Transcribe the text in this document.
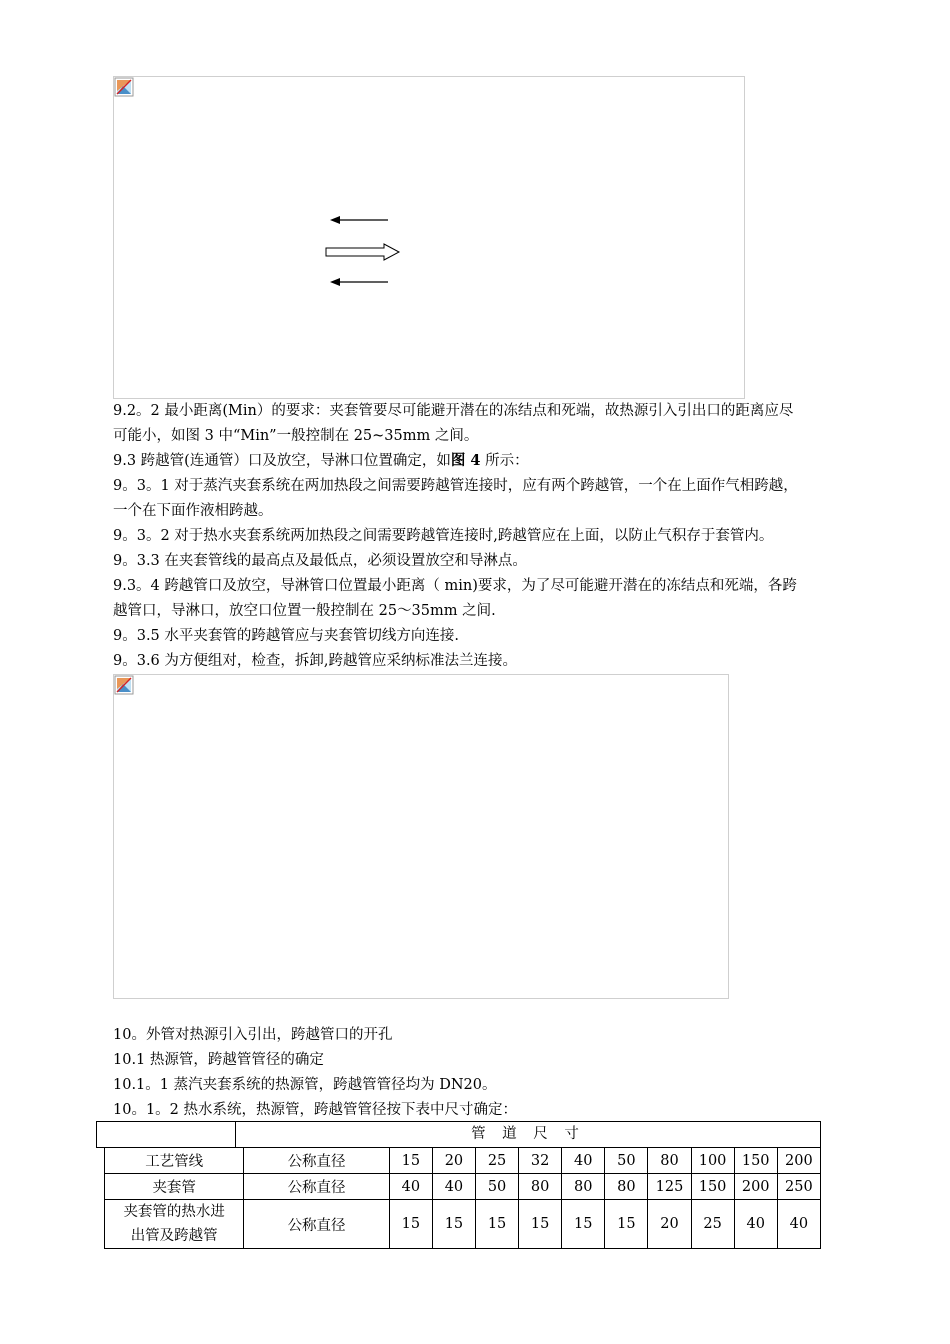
9.2。2 最小距离(Min）的要求：夹套管要尽可能避开潜在的冻结点和死端，故热源引入引出口的距离应尽
可能小，如图 3 中“Min”一般控制在 25~35mm 之间。
9.3 跨越管(连通管）口及放空，导淋口位置确定，如图 4 所示：
9。3。1 对于蒸汽夹套系统在两加热段之间需要跨越管连接时，应有两个跨越管，一个在上面作气相跨越，
一个在下面作液相跨越。
9。3。2 对于热水夹套系统两加热段之间需要跨越管连接时,跨越管应在上面，以防止气积存于套管内。
9。3.3 在夹套管线的最高点及最低点，必须设置放空和导淋点。
9.3。4 跨越管口及放空，导淋管口位置最小距离（ min)要求，为了尽可能避开潜在的冻结点和死端，各跨
越管口，导淋口，放空口位置一般控制在 25～35mm 之间.
9。3.5 水平夹套管的跨越管应与夹套管切线方向连接.
9。3.6 为方便组对，检查，拆卸,跨越管应采纳标准法兰连接。
10。外管对热源引入引出，跨越管口的开孔
10.1 热源管，跨越管管径的确定
10.1。1 蒸汽夹套系统的热源管，跨越管管径均为 DN20。
10。1。2 热水系统，热源管，跨越管管径按下表中尺寸确定：
管 道 尺 寸
工艺管线	公称直径	15	20	25	32	40	50	80	100	150	200
夹套管	公称直径	40	40	50	80	80	80	125	150	200	250
夹套管的热水进
出管及跨越管	公称直径	15	15	15	15	15	15	20	25	40	40
